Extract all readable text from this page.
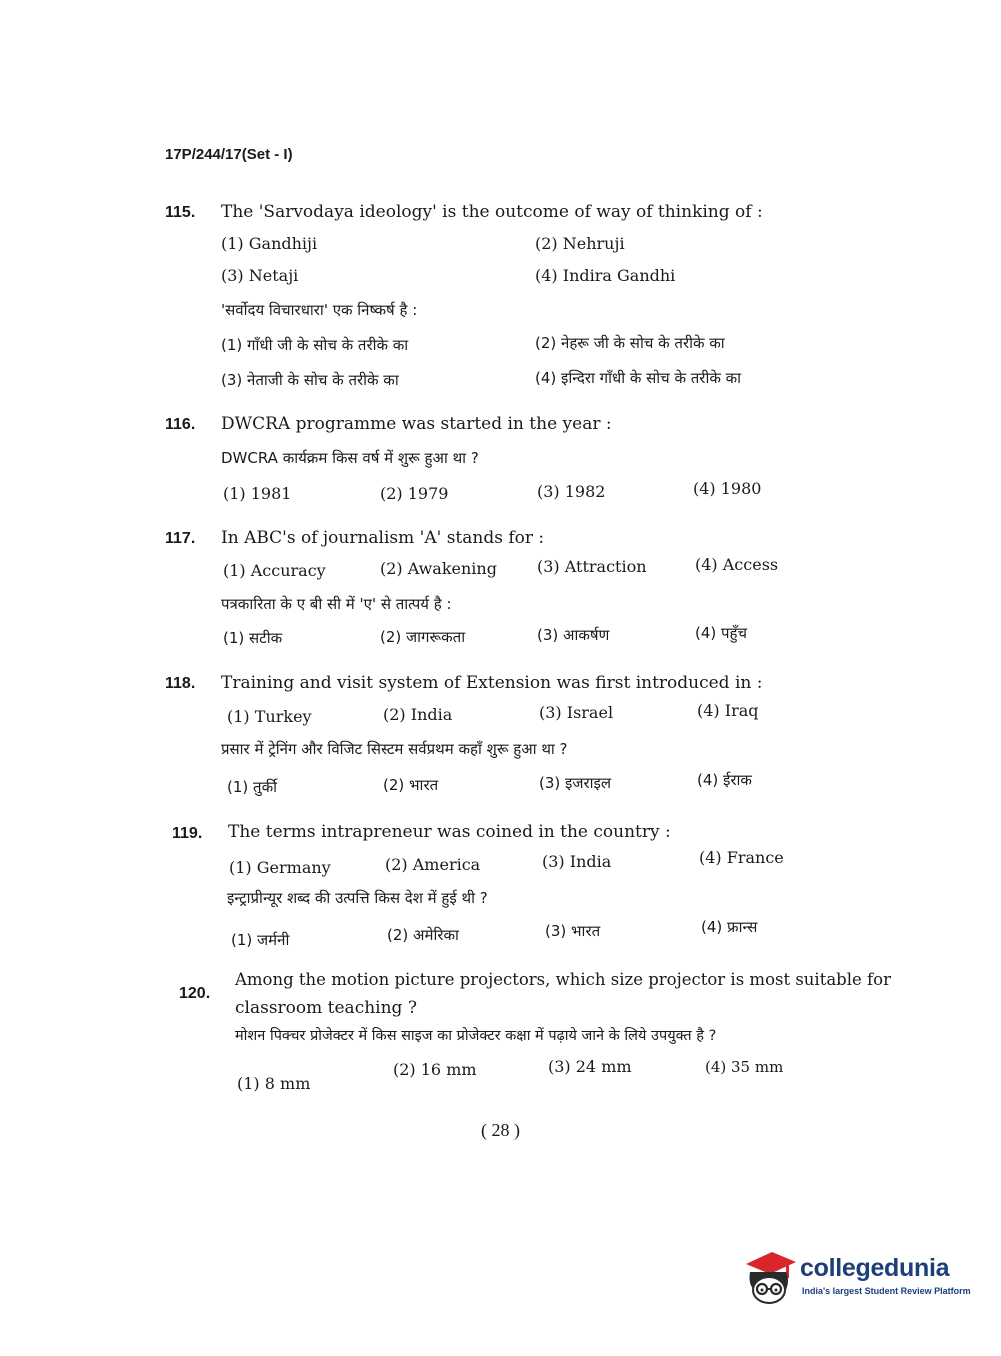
17P/244/17(Set - I)
115. The 'Sarvodaya ideology' is the outcome of way of thinking of :
(1) Gandhiji	(2) Nehruji
(3) Netaji	(4) Indira Gandhi
'सर्वोदय विचारधारा' एक निष्कर्ष है :
(1) गाँधी जी के सोच के तरीके का	(2) नेहरू जी के सोच के तरीके का
(3) नेताजी के सोच के तरीके का	(4) इन्दिरा गाँधी के सोच के तरीके का
116. DWCRA programme was started in the year :
DWCRA कार्यक्रम किस वर्ष में शुरू हुआ था ?
(1) 1981	(2) 1979	(3) 1982	(4) 1980
117. In ABC's of journalism 'A' stands for :
(1) Accuracy	(2) Awakening	(3) Attraction	(4) Access
पत्रकारिता के ए बी सी में 'ए' से तात्पर्य है :
(1) सटीक	(2) जागरूकता	(3) आकर्षण	(4) पहुँच
118. Training and visit system of Extension was first introduced in :
(1) Turkey	(2) India	(3) Israel	(4) Iraq
प्रसार में ट्रेनिंग और विजिट सिस्टम सर्वप्रथम कहाँ शुरू हुआ था ?
(1) तुर्की	(2) भारत	(3) इजराइल	(4) ईराक
119. The terms intrapreneur was coined in the country :
(1) Germany	(2) America	(3) India	(4) France
इन्ट्राप्रीन्यूर शब्द की उत्पत्ति किस देश में हुई थी ?
(1) जर्मनी	(2) अमेरिका	(3) भारत	(4) फ्रान्स
120.
Among the motion picture projectors, which size projector is most suitable for
classroom teaching ?
मोशन पिक्चर प्रोजेक्टर में किस साइज का प्रोजेक्टर कक्षा में पढ़ाये जाने के लिये उपयुक्त है ?
(1) 8 mm
(2) 16 mm	(3) 24 mm	(4) 35 mm
( 28 )
collegedunia
India's largest Student Review Platform
